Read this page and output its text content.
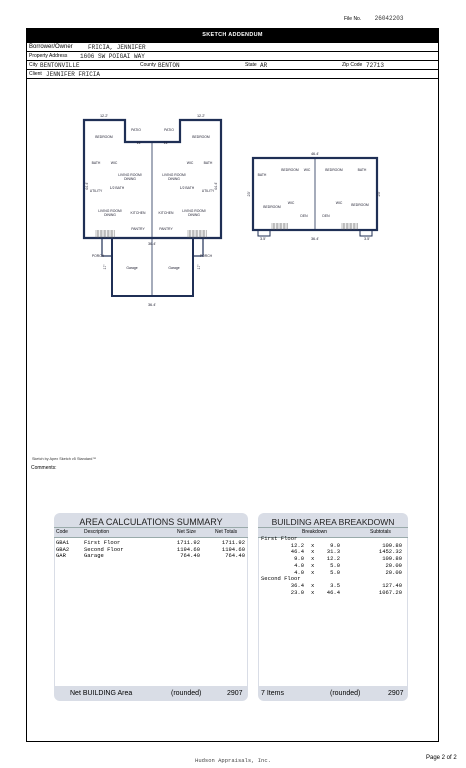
File No. 26042203
SKETCH ADDENDUM
Borrower/Owner	FRICIA, JENNIFER
Property Address 1606 SW POIGAI WAY
City BENTONVILLE	County BENTON	State AR	Zip Code 72713
Client JENNIFER FRICIA
12.2'	12.2'
11'	11'
44.4'	44.4'
36.4'
17'	17'
36.4'
BEDROOM
PATIO	PATIO
BEDROOM
BATH	WIC	WIC	BATH
LIVING ROOM/ DINING
LIVING ROOM/ DINING
1/2 BATH	1/2 BATH
UTILITY	UTILITY
LIVING ROOM/ DINING	KITCHEN	KITCHEN	LIVING ROOM/ DINING
PANTRY	PANTRY
PORCH	PORCH
Garage	Garage
46.4'
23'	23'
36.4'
3.5'	3.5'
BATH
BEDROOM WIC	BEDROOM	BATH
BEDROOM
WIC	WIC	BEDROOM
DEN	DEN
Sketch by Apex Sketch v5 Standard™
Comments:
AREA CALCULATIONS SUMMARY
Code	Description	Net Size	Net Totals
GBA1	First Floor	1711.92	1711.92
GBA2	Second Floor	1194.60	1194.60
GAR	Garage	764.40	764.40
Net BUILDING Area	(rounded)	2907
BUILDING AREA BREAKDOWN
Breakdown	Subtotals
First Floor
12.2 x	9.0	109.80
46.4 x 31.3	1452.32
9.0 x 12.2	109.80
4.0 x	5.0	20.00
4.0 x	5.0	20.00
Second Floor
36.4 x	3.5	127.40
23.0 x 46.4	1067.20
7 Items	(rounded)	2907
Hudson Appraisals, Inc.	Page 2 of 2
